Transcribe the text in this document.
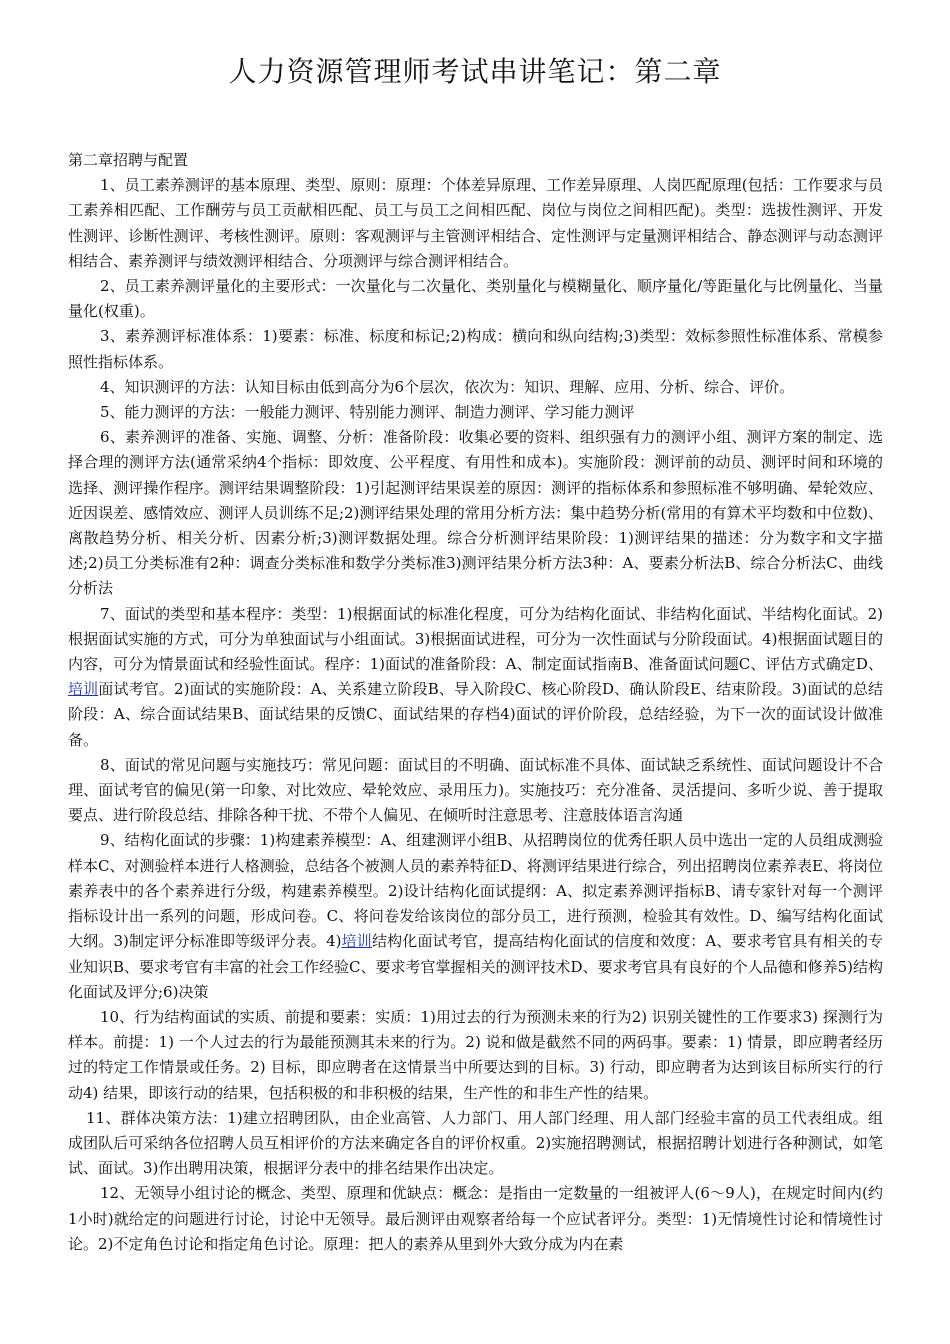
人力资源管理师考试串讲笔记：第二章

第二章招聘与配置

1、员工素养测评的基本原理、类型、原则：原理：个体差异原理、工作差异原理、人岗匹配原理(包括：工作要求与员工素养相匹配、工作酬劳与员工贡献相匹配、员工与员工之间相匹配、岗位与岗位之间相匹配)。类型：选拔性测评、开发性测评、诊断性测评、考核性测评。原则：客观测评与主管测评相结合、定性测评与定量测评相结合、静态测评与动态测评相结合、素养测评与绩效测评相结合、分项测评与综合测评相结合。

2、员工素养测评量化的主要形式：一次量化与二次量化、类别量化与模糊量化、顺序量化/等距量化与比例量化、当量量化(权重)。

3、素养测评标准体系：1)要素：标准、标度和标记;2)构成：横向和纵向结构;3)类型：效标参照性标准体系、常模参照性指标体系。

4、知识测评的方法：认知目标由低到高分为6个层次，依次为：知识、理解、应用、分析、综合、评价。

5、能力测评的方法：一般能力测评、特别能力测评、制造力测评、学习能力测评

6、素养测评的准备、实施、调整、分析：准备阶段：收集必要的资料、组织强有力的测评小组、测评方案的制定、选择合理的测评方法(通常采纳4个指标：即效度、公平程度、有用性和成本)。实施阶段：测评前的动员、测评时间和环境的选择、测评操作程序。测评结果调整阶段：1)引起测评结果误差的原因：测评的指标体系和参照标准不够明确、晕轮效应、近因误差、感情效应、测评人员训练不足;2)测评结果处理的常用分析方法：集中趋势分析(常用的有算术平均数和中位数)、离散趋势分析、相关分析、因素分析;3)测评数据处理。综合分析测评结果阶段：1)测评结果的描述：分为数字和文字描述;2)员工分类标准有2种：调查分类标准和数学分类标准3)测评结果分析方法3种：A、要素分析法B、综合分析法C、曲线分析法

7、面试的类型和基本程序：类型：1)根据面试的标准化程度，可分为结构化面试、非结构化面试、半结构化面试。2)根据面试实施的方式，可分为单独面试与小组面试。3)根据面试进程，可分为一次性面试与分阶段面试。4)根据面试题目的内容，可分为情景面试和经验性面试。程序：1)面试的准备阶段：A、制定面试指南B、准备面试问题C、评估方式确定D、培训面试考官。2)面试的实施阶段：A、关系建立阶段B、导入阶段C、核心阶段D、确认阶段E、结束阶段。3)面试的总结阶段：A、综合面试结果B、面试结果的反馈C、面试结果的存档4)面试的评价阶段，总结经验，为下一次的面试设计做准备。

8、面试的常见问题与实施技巧：常见问题：面试目的不明确、面试标准不具体、面试缺乏系统性、面试问题设计不合理、面试考官的偏见(第一印象、对比效应、晕轮效应、录用压力)。实施技巧：充分准备、灵活提问、多听少说、善于提取要点、进行阶段总结、排除各种干扰、不带个人偏见、在倾听时注意思考、注意肢体语言沟通

9、结构化面试的步骤：1)构建素养模型：A、组建测评小组B、从招聘岗位的优秀任职人员中选出一定的人员组成测验样本C、对测验样本进行人格测验，总结各个被测人员的素养特征D、将测评结果进行综合，列出招聘岗位素养表E、将岗位素养表中的各个素养进行分级，构建素养模型。2)设计结构化面试提纲：A、拟定素养测评指标B、请专家针对每一个测评指标设计出一系列的问题，形成问卷。C、将问卷发给该岗位的部分员工，进行预测，检验其有效性。D、编写结构化面试大纲。3)制定评分标准即等级评分表。4)培训结构化面试考官，提高结构化面试的信度和效度：A、要求考官具有相关的专业知识B、要求考官有丰富的社会工作经验C、要求考官掌握相关的测评技术D、要求考官具有良好的个人品德和修养5)结构化面试及评分;6)决策

10、行为结构面试的实质、前提和要素：实质：1)用过去的行为预测未来的行为2) 识别关键性的工作要求3) 探测行为样本。前提：1) 一个人过去的行为最能预测其未来的行为。2) 说和做是截然不同的两码事。要素：1) 情景，即应聘者经历过的特定工作情景或任务。2) 目标，即应聘者在这情景当中所要达到的目标。3) 行动，即应聘者为达到该目标所实行的行动4) 结果，即该行动的结果，包括积极的和非积极的结果，生产性的和非生产性的结果。

11、群体决策方法：1)建立招聘团队，由企业高管、人力部门、用人部门经理、用人部门经验丰富的员工代表组成。组成团队后可采纳各位招聘人员互相评价的方法来确定各自的评价权重。2)实施招聘测试，根据招聘计划进行各种测试，如笔试、面试。3)作出聘用决策，根据评分表中的排名结果作出决定。

12、无领导小组讨论的概念、类型、原理和优缺点：概念：是指由一定数量的一组被评人(6～9人)，在规定时间内(约1小时)就给定的问题进行讨论，讨论中无领导。最后测评由观察者给每一个应试者评分。类型：1)无情境性讨论和情境性讨论。2)不定角色讨论和指定角色讨论。原理：把人的素养从里到外大致分成为内在素
